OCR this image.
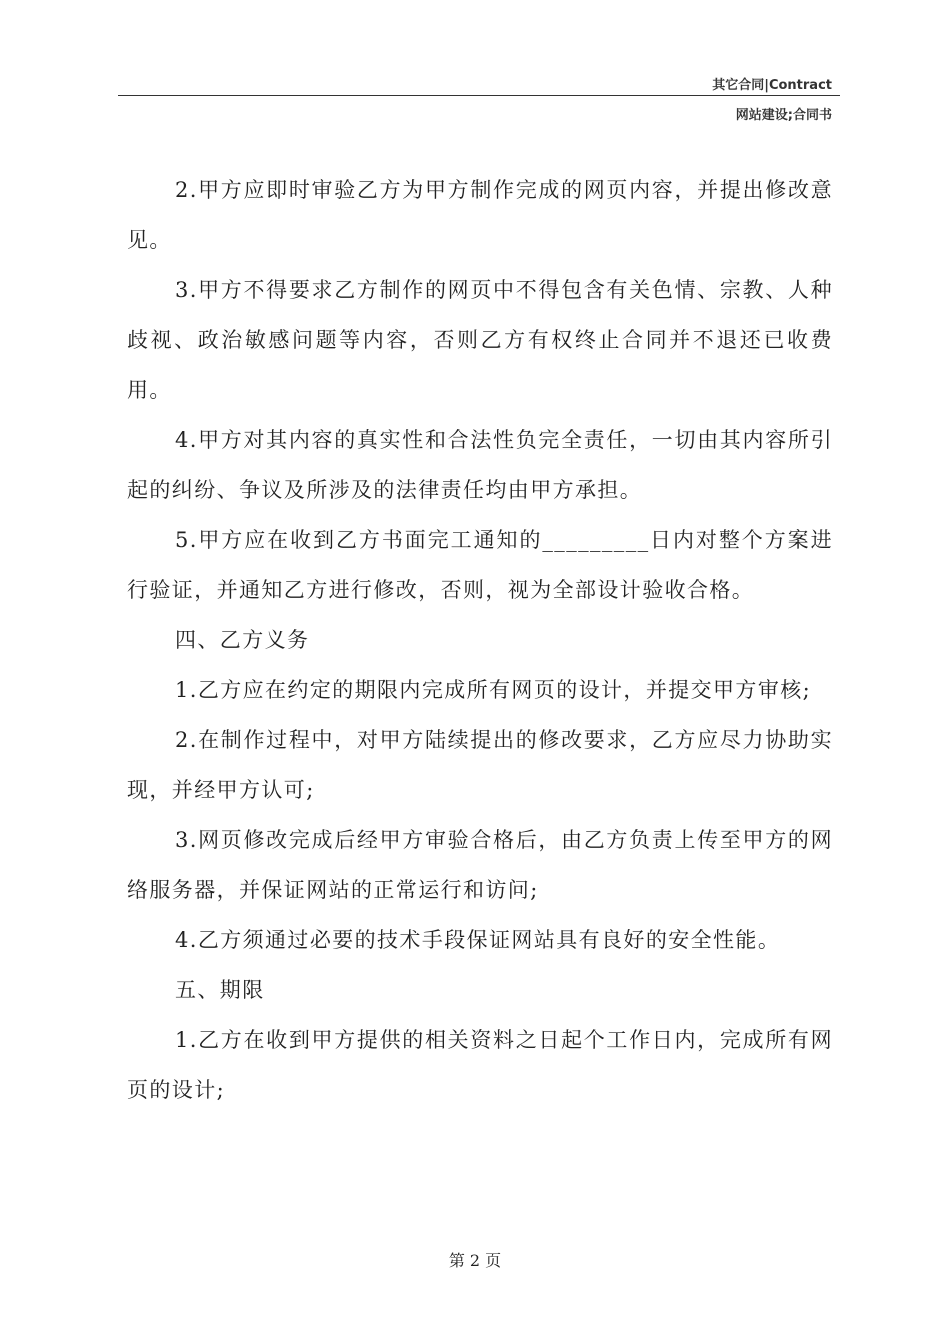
其它合同|Contract
网站建设;合同书

2.甲方应即时审验乙方为甲方制作完成的网页内容，并提出修改意见。

3.甲方不得要求乙方制作的网页中不得包含有关色情、宗教、人种歧视、政治敏感问题等内容，否则乙方有权终止合同并不退还已收费用。

4.甲方对其内容的真实性和合法性负完全责任，一切由其内容所引起的纠纷、争议及所涉及的法律责任均由甲方承担。

5.甲方应在收到乙方书面完工通知的_________日内对整个方案进行验证，并通知乙方进行修改，否则，视为全部设计验收合格。

四、乙方义务

1.乙方应在约定的期限内完成所有网页的设计，并提交甲方审核;

2.在制作过程中，对甲方陆续提出的修改要求，乙方应尽力协助实现，并经甲方认可;

3.网页修改完成后经甲方审验合格后，由乙方负责上传至甲方的网络服务器，并保证网站的正常运行和访问;

4.乙方须通过必要的技术手段保证网站具有良好的安全性能。

五、期限

1.乙方在收到甲方提供的相关资料之日起个工作日内，完成所有网页的设计;

第 2 页
